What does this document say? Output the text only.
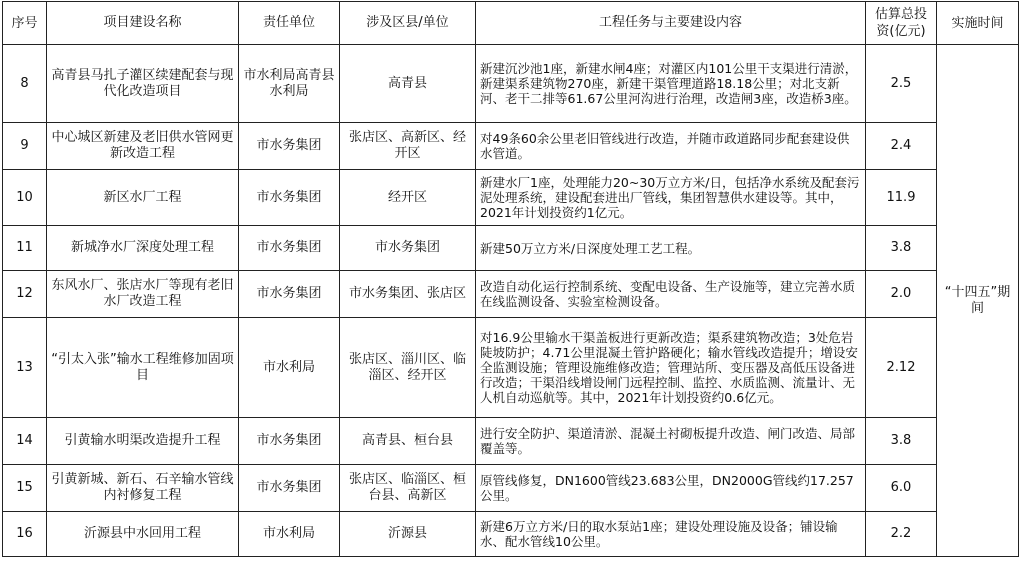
序号	项目建设名称	责任单位	涉及区县/单位	工程任务与主要建设内容	估算总投资(亿元)	实施时间

8	高青县马扎子灌区续建配套与现代化改造项目	市水利局高青县水利局	高青县	新建沉沙池1座，新建水闸4座；对灌区内101公里干支渠进行清淤，新建渠系建筑物270座，新建干渠管理道路18.18公里；对北支新河、老干二排等61.67公里河沟进行治理，改造闸3座，改造桥3座。	2.5	“十四五”期间
9	中心城区新建及老旧供水管网更新改造工程	市水务集团	张店区、高新区、经开区	对49条60余公里老旧管线进行改造，并随市政道路同步配套建设供水管道。	2.4	
10	新区水厂工程	市水务集团	经开区	新建水厂1座，处理能力20~30万立方米/日，包括净水系统及配套污泥处理系统，建设配套进出厂管线，集团智慧供水建设等。其中，2021年计划投资约1亿元。	11.9	
11	新城净水厂深度处理工程	市水务集团	市水务集团	新建50万立方米/日深度处理工艺工程。	3.8	
12	东风水厂、张店水厂等现有老旧水厂改造工程	市水务集团	市水务集团、张店区	改造自动化运行控制系统、变配电设备、生产设施等，建立完善水质在线监测设备、实验室检测设备。	2.0	
13	“引太入张”输水工程维修加固项目	市水利局	张店区、淄川区、临淄区、经开区	对16.9公里输水干渠盖板进行更新改造；渠系建筑物改造；3处危岩陡坡防护；4.71公里混凝土管护路硬化；输水管线改造提升；增设安全监测设施；管理设施维修改造；管理站所、变压器及高低压设备进行改造；干渠沿线增设闸门远程控制、监控、水质监测、流量计、无人机自动巡航等。其中，2021年计划投资约0.6亿元。	2.12	
14	引黄输水明渠改造提升工程	市水务集团	高青县、桓台县	进行安全防护、渠道清淤、混凝土衬砌板提升改造、闸门改造、局部覆盖等。	3.8	
15	引黄新城、新石、石辛输水管线内衬修复工程	市水务集团	张店区、临淄区、桓台县、高新区	原管线修复，DN1600管线23.683公里，DN2000G管线约17.257公里。	6.0	
16	沂源县中水回用工程	市水利局	沂源县	新建6万立方米/日的取水泵站1座；建设处理设施及设备；铺设输水、配水管线10公里。	2.2	
